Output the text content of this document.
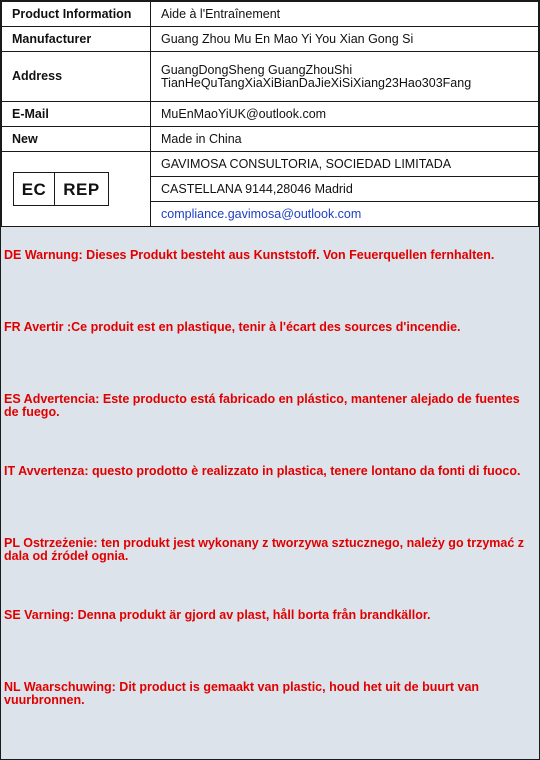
Product Information	Aide à l'Entraînement
Manufacturer	Guang Zhou Mu En Mao Yi You Xian Gong Si
Address	GuangDongSheng GuangZhouShi
TianHeQuTangXiaXiBianDaJieXiSiXiang23Hao303Fang

E-Mail	MuEnMaoYiUK@outlook.com
New	Made in China

EC REP	GAVIMOSA CONSULTORIA, SOCIEDAD LIMITADA
	CASTELLANA 9144,28046 Madrid
	compliance.gavimosa@outlook.com
DE Warnung: Dieses Produkt besteht aus Kunststoff. Von Feuerquellen fernhalten.
FR Avertir :Ce produit est en plastique, tenir à l'écart des sources d'incendie.
ES Advertencia: Este producto está fabricado en plástico, mantener alejado de fuentes de fuego.
IT Avvertenza: questo prodotto è realizzato in plastica, tenere lontano da fonti di fuoco.
PL Ostrzeżenie: ten produkt jest wykonany z tworzywa sztucznego, należy go trzymać z dala od źródeł ognia.
SE Varning: Denna produkt är gjord av plast, håll borta från brandkällor.
NL Waarschuwing: Dit product is gemaakt van plastic, houd het uit de buurt van vuurbronnen.
